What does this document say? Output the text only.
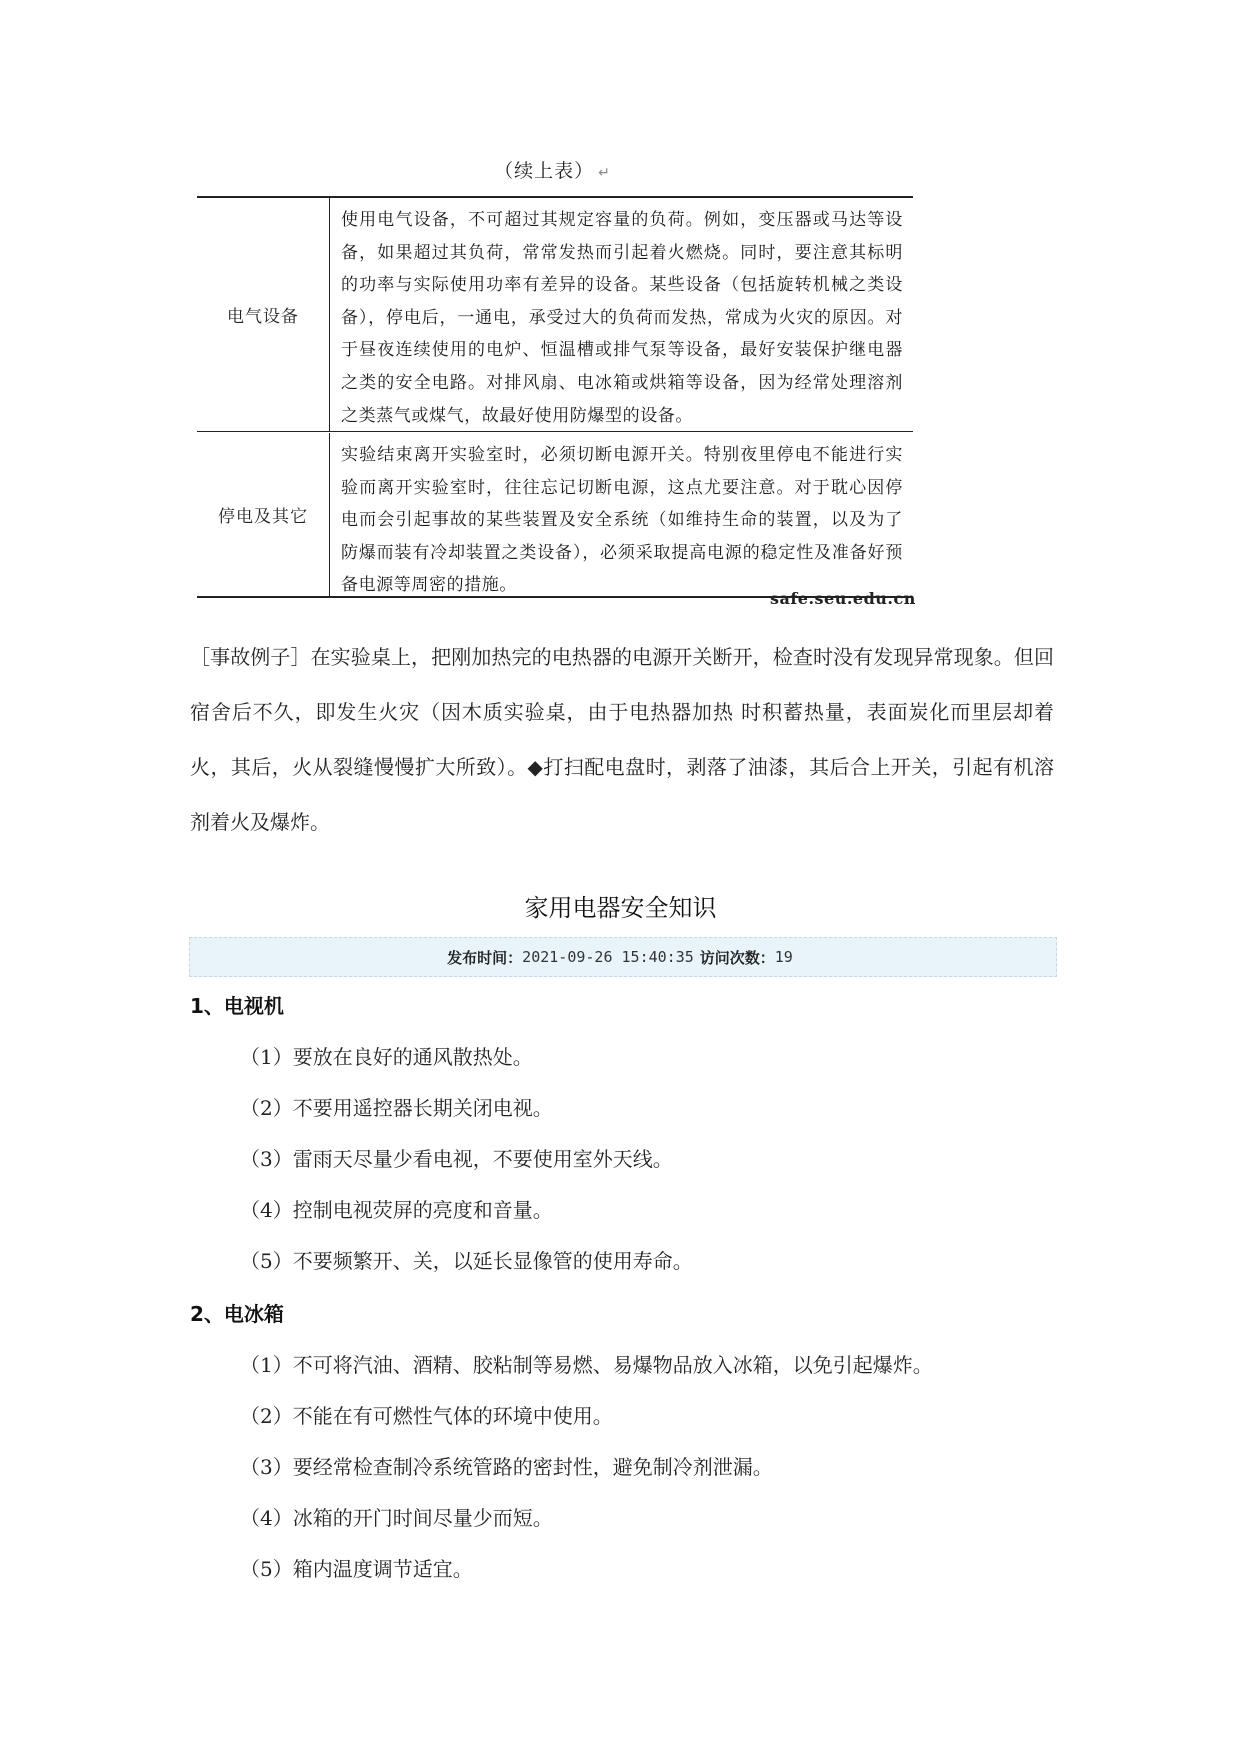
（续上表） ↵
电气设备
使用电气设备，不可超过其规定容量的负荷。例如，变压器或马达等设备，如果超过其负荷，常常发热而引起着火燃烧。同时，要注意其标明的功率与实际使用功率有差异的设备。某些设备（包括旋转机械之类设备），停电后，一通电，承受过大的负荷而发热，常成为火灾的原因。对于昼夜连续使用的电炉、恒温槽或排气泵等设备，最好安装保护继电器之类的安全电路。对排风扇、电冰箱或烘箱等设备，因为经常处理溶剂之类蒸气或煤气，故最好使用防爆型的设备。
停电及其它
实验结束离开实验室时，必须切断电源开关。特别夜里停电不能进行实验而离开实验室时，往往忘记切断电源，这点尤要注意。对于耽心因停电而会引起事故的某些装置及安全系统（如维持生命的装置，以及为了防爆而装有冷却装置之类设备），必须采取提高电源的稳定性及准备好预备电源等周密的措施。
safe.seu.edu.cn
［事故例子］在实验桌上，把刚加热完的电热器的电源开关断开，检查时没有发现异常现象。但回宿舍后不久，即发生火灾（因木质实验桌，由于电热器加热 时积蓄热量，表面炭化而里层却着火，其后，火从裂缝慢慢扩大所致）。◆打扫配电盘时，剥落了油漆，其后合上开关，引起有机溶剂着火及爆炸。
家用电器安全知识
发布时间： 2021-09-26 15:40:35 访问次数： 19
1、电视机
（1）要放在良好的通风散热处。
（2）不要用遥控器长期关闭电视。
（3）雷雨天尽量少看电视，不要使用室外天线。
（4）控制电视荧屏的亮度和音量。
（5）不要频繁开、关，以延长显像管的使用寿命。
2、电冰箱
（1）不可将汽油、酒精、胶粘制等易燃、易爆物品放入冰箱，以免引起爆炸。
（2）不能在有可燃性气体的环境中使用。
（3）要经常检查制冷系统管路的密封性，避免制冷剂泄漏。
（4）冰箱的开门时间尽量少而短。
（5）箱内温度调节适宜。
